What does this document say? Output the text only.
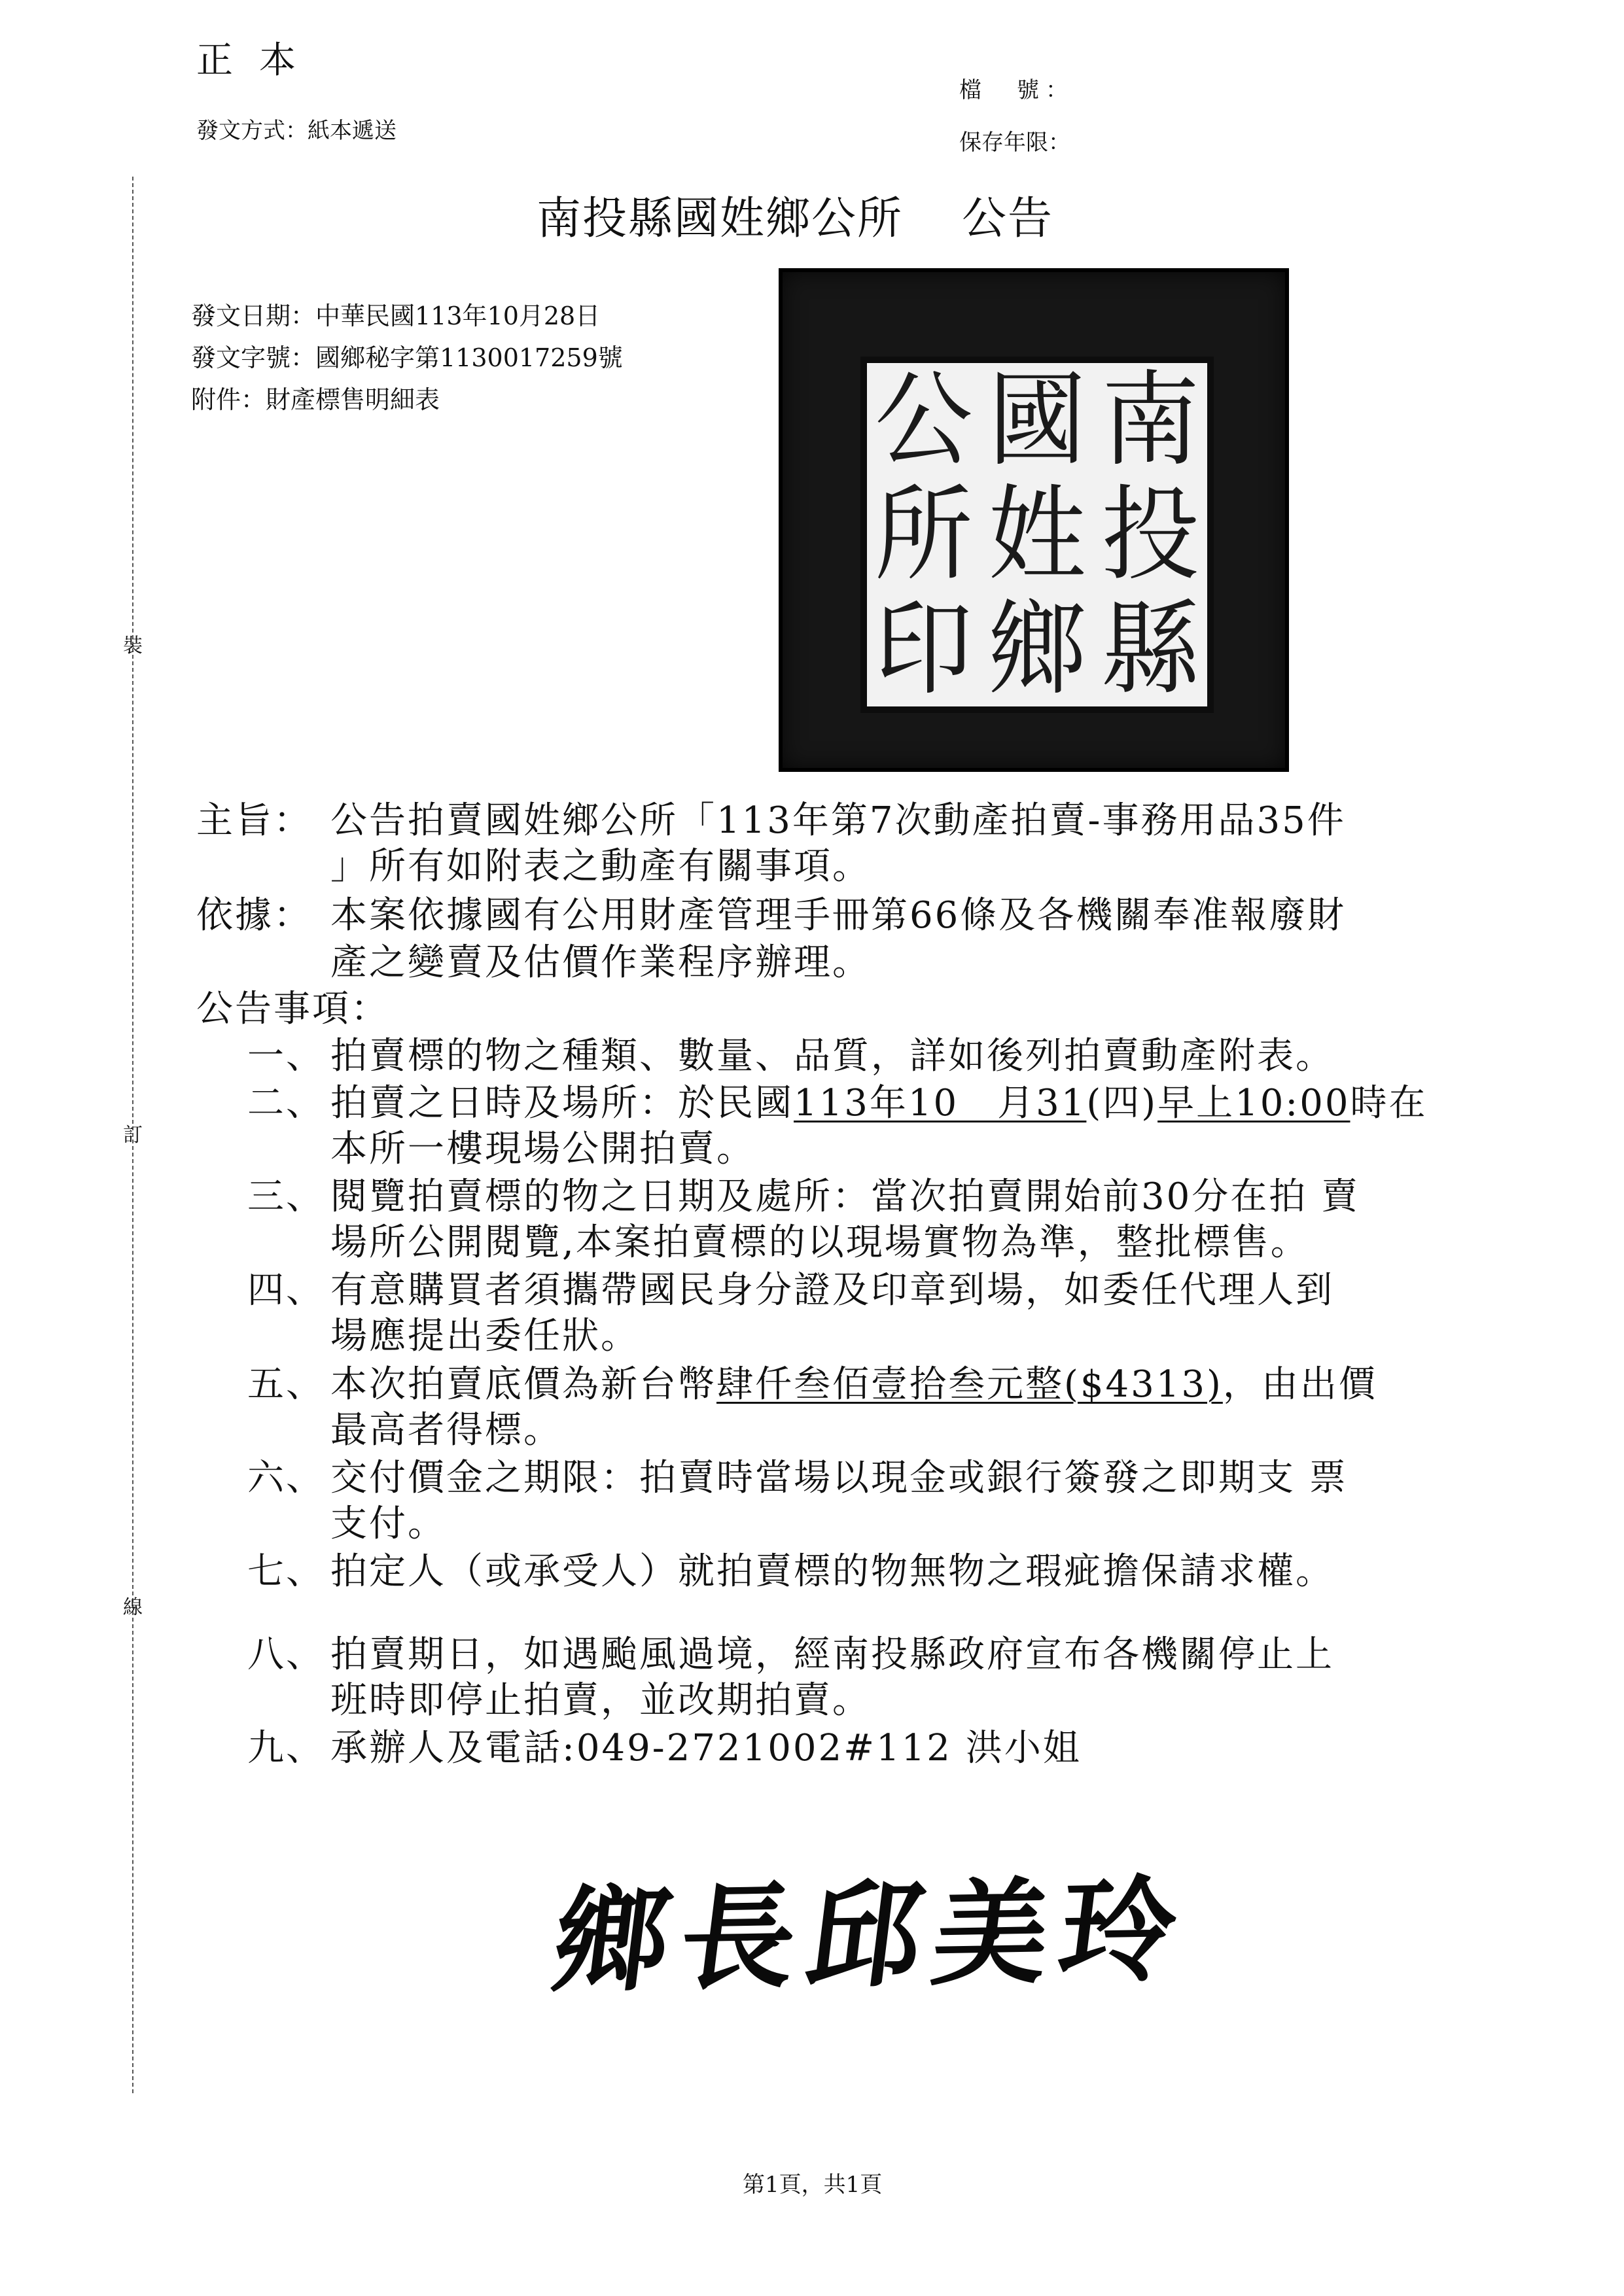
正本
發文方式：紙本遞送
檔　號：
保存年限：
南投縣國姓鄉公所 公告
裝
訂
線
發文日期：中華民國113年10月28日
發文字號：國鄉秘字第1130017259號
附件：財產標售明細表	公 國 南
所 姓 投
印 鄉 縣
主旨： 公告拍賣國姓鄉公所「113年第7次動產拍賣-事務用品35件
」所有如附表之動產有關事項。
依據： 本案依據國有公用財產管理手冊第66條及各機關奉准報廢財
產之變賣及估價作業程序辦理。
公告事項：
一、 拍賣標的物之種類、數量、品質，詳如後列拍賣動產附表。
二、 拍賣之日時及場所：於民國113年10　月31(四)早上10:00時在
本所一樓現場公開拍賣。
三、 閱覽拍賣標的物之日期及處所：當次拍賣開始前30分在拍 賣
場所公開閱覽,本案拍賣標的以現場實物為準，整批標售。
四、 有意購買者須攜帶國民身分證及印章到場，如委任代理人到
場應提出委任狀。
五、 本次拍賣底價為新台幣肆仟叁佰壹拾叁元整($4313)，由出價
最高者得標。
六、 交付價金之期限：拍賣時當場以現金或銀行簽發之即期支 票
支付。
七、 拍定人（或承受人）就拍賣標的物無物之瑕疵擔保請求權。
八、 拍賣期日，如遇颱風過境，經南投縣政府宣布各機關停止上
班時即停止拍賣，並改期拍賣。
九、 承辦人及電話:049-2721002#112 洪小姐
鄉長邱美玲
第1頁，共1頁
